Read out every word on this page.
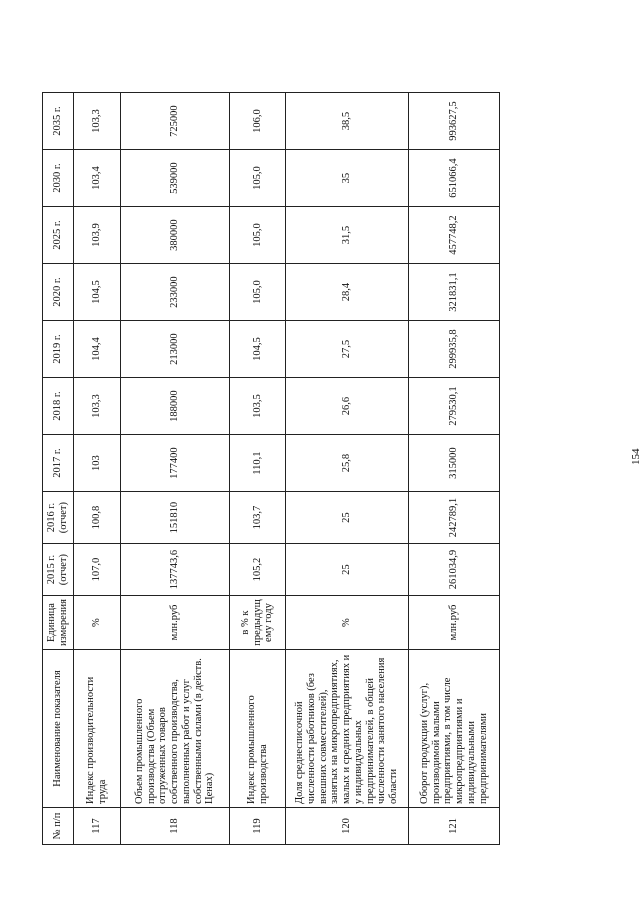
№ п/п	Наименование показателя	Единица измерения	2015 г. (отчет)	2016 г. (отчет)	2017 г.	2018 г.	2019 г.	2020 г.	2025 г.	2030 г.	2035 г.
117	Индекс производительности труда	%	107,0	100,8	103	103,3	104,4	104,5	103,9	103,4	103,3
118	Объем промышленного производства (Объем отгруженных товаров собственного производства, выполненных работ и услуг собственными силами (в действ. Ценах)	млн.руб	137743,6	151810	177400	188000	213000	233000	380000	539000	725000
119	Индекс промышленного производства	в % к предыдущ ему году	105,2	103,7	110,1	103,5	104,5	105,0	105,0	105,0	106,0
120	Доля среднесписочной численности работников (без внешних совместителей), занятых на микропредприятиях, малых и средних предприятиях и у индивидуальных предпринимателей, в общей численности занятого населения области	%	25	25	25,8	26,6	27,5	28,4	31,5	35	38,5
121	Оборот продукции (услуг), производимой малыми предприятиями, в том числе микропредприятиями и индивидуальными предпринимателями	млн.руб	261034,9	242789,1	315000	279530,1	299935,8	321831,1	457748,2	651066,4	993627,5
154
